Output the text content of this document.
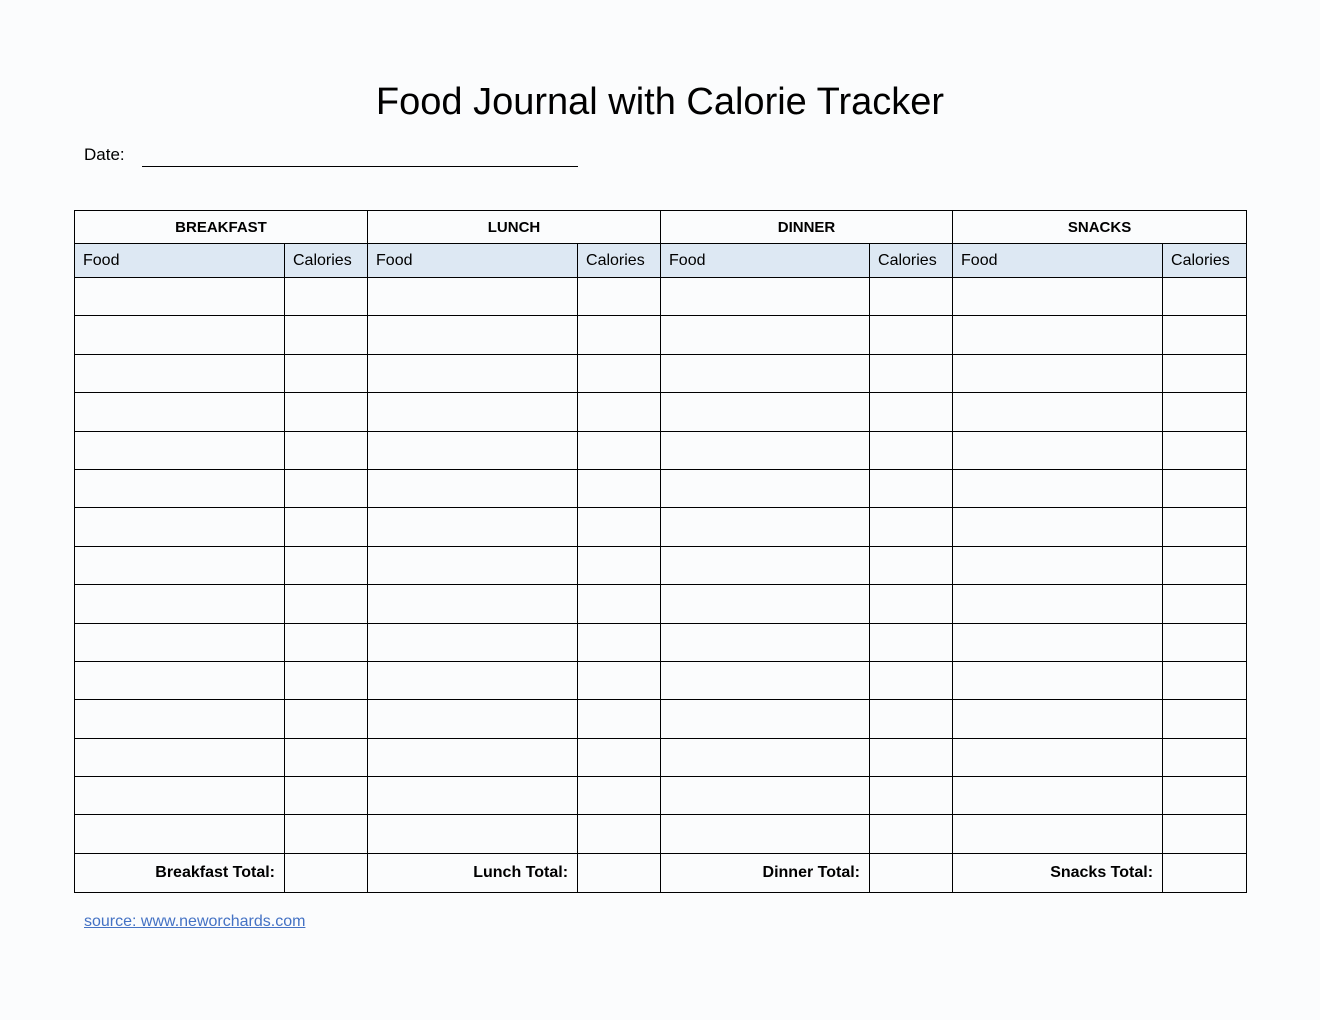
Food Journal with Calorie Tracker
Date:
BREAKFAST		LUNCH		DINNER		SNACKS	
Food	Calories	Food	Calories	Food	Calories	Food	Calories

Breakfast Total:		Lunch Total:		Dinner Total:		Snacks Total:	
source: www.neworchards.com
